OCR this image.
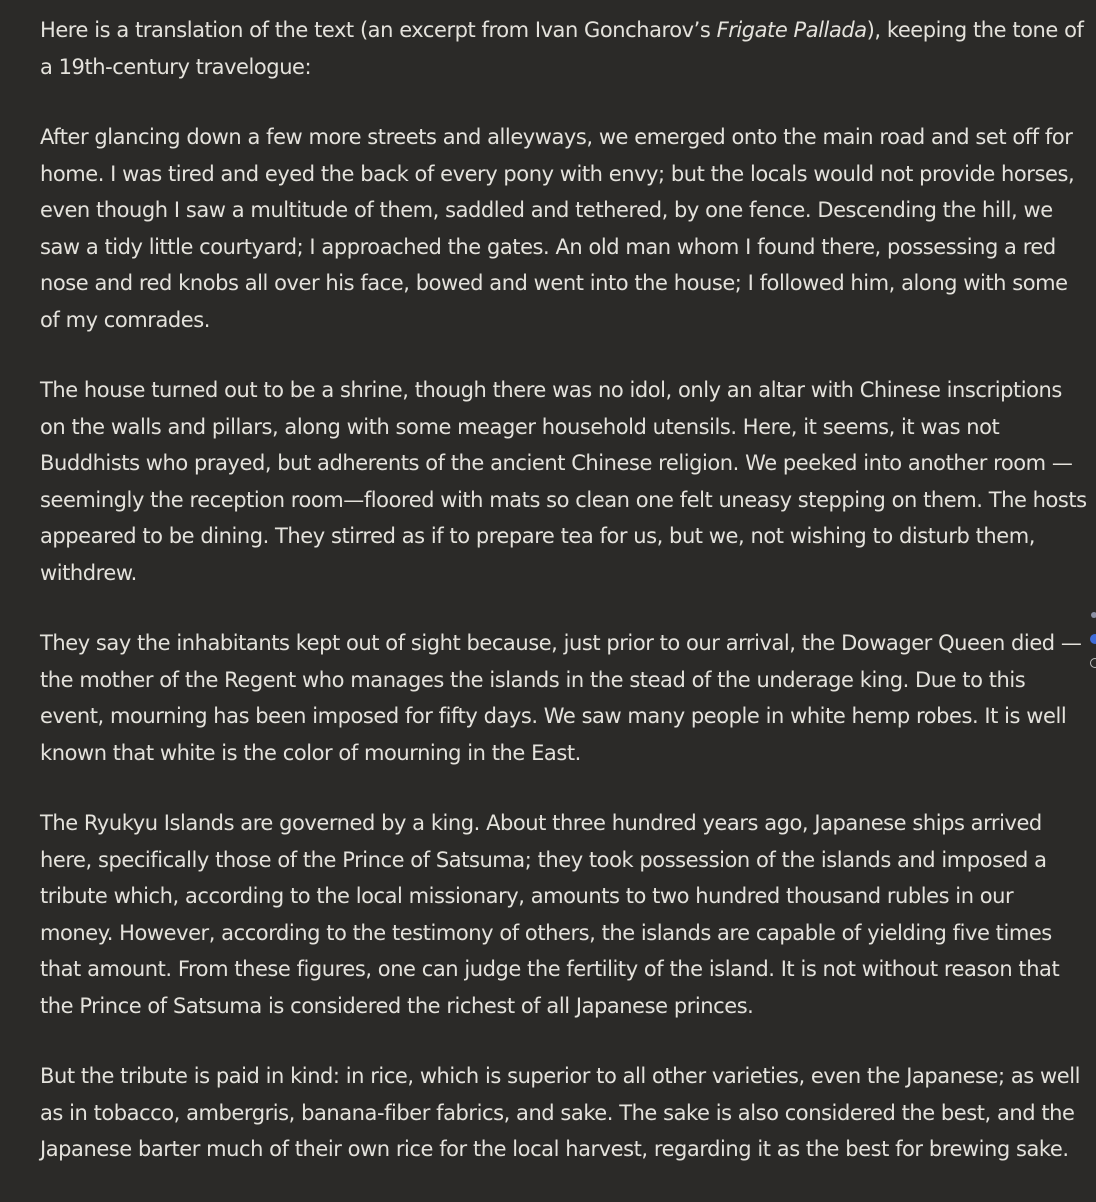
Here is a translation of the text (an excerpt from Ivan Goncharov’s Frigate Pallada), keeping the tone of a 19th-century travelogue:

After glancing down a few more streets and alleyways, we emerged onto the main road and set off for home. I was tired and eyed the back of every pony with envy; but the locals would not provide horses, even though I saw a multitude of them, saddled and tethered, by one fence. Descending the hill, we saw a tidy little courtyard; I approached the gates. An old man whom I found there, possessing a red nose and red knobs all over his face, bowed and went into the house; I followed him, along with some of my comrades.

The house turned out to be a shrine, though there was no idol, only an altar with Chinese inscriptions on the walls and pillars, along with some meager household utensils. Here, it seems, it was not Buddhists who prayed, but adherents of the ancient Chinese religion. We peeked into another room —seemingly the reception room—floored with mats so clean one felt uneasy stepping on them. The hosts appeared to be dining. They stirred as if to prepare tea for us, but we, not wishing to disturb them, withdrew.

They say the inhabitants kept out of sight because, just prior to our arrival, the Dowager Queen died —the mother of the Regent who manages the islands in the stead of the underage king. Due to this event, mourning has been imposed for fifty days. We saw many people in white hemp robes. It is well known that white is the color of mourning in the East.

The Ryukyu Islands are governed by a king. About three hundred years ago, Japanese ships arrived here, specifically those of the Prince of Satsuma; they took possession of the islands and imposed a tribute which, according to the local missionary, amounts to two hundred thousand rubles in our money. However, according to the testimony of others, the islands are capable of yielding five times that amount. From these figures, one can judge the fertility of the island. It is not without reason that the Prince of Satsuma is considered the richest of all Japanese princes.

But the tribute is paid in kind: in rice, which is superior to all other varieties, even the Japanese; as well as in tobacco, ambergris, banana-fiber fabrics, and sake. The sake is also considered the best, and the Japanese barter much of their own rice for the local harvest, regarding it as the best for brewing sake.
